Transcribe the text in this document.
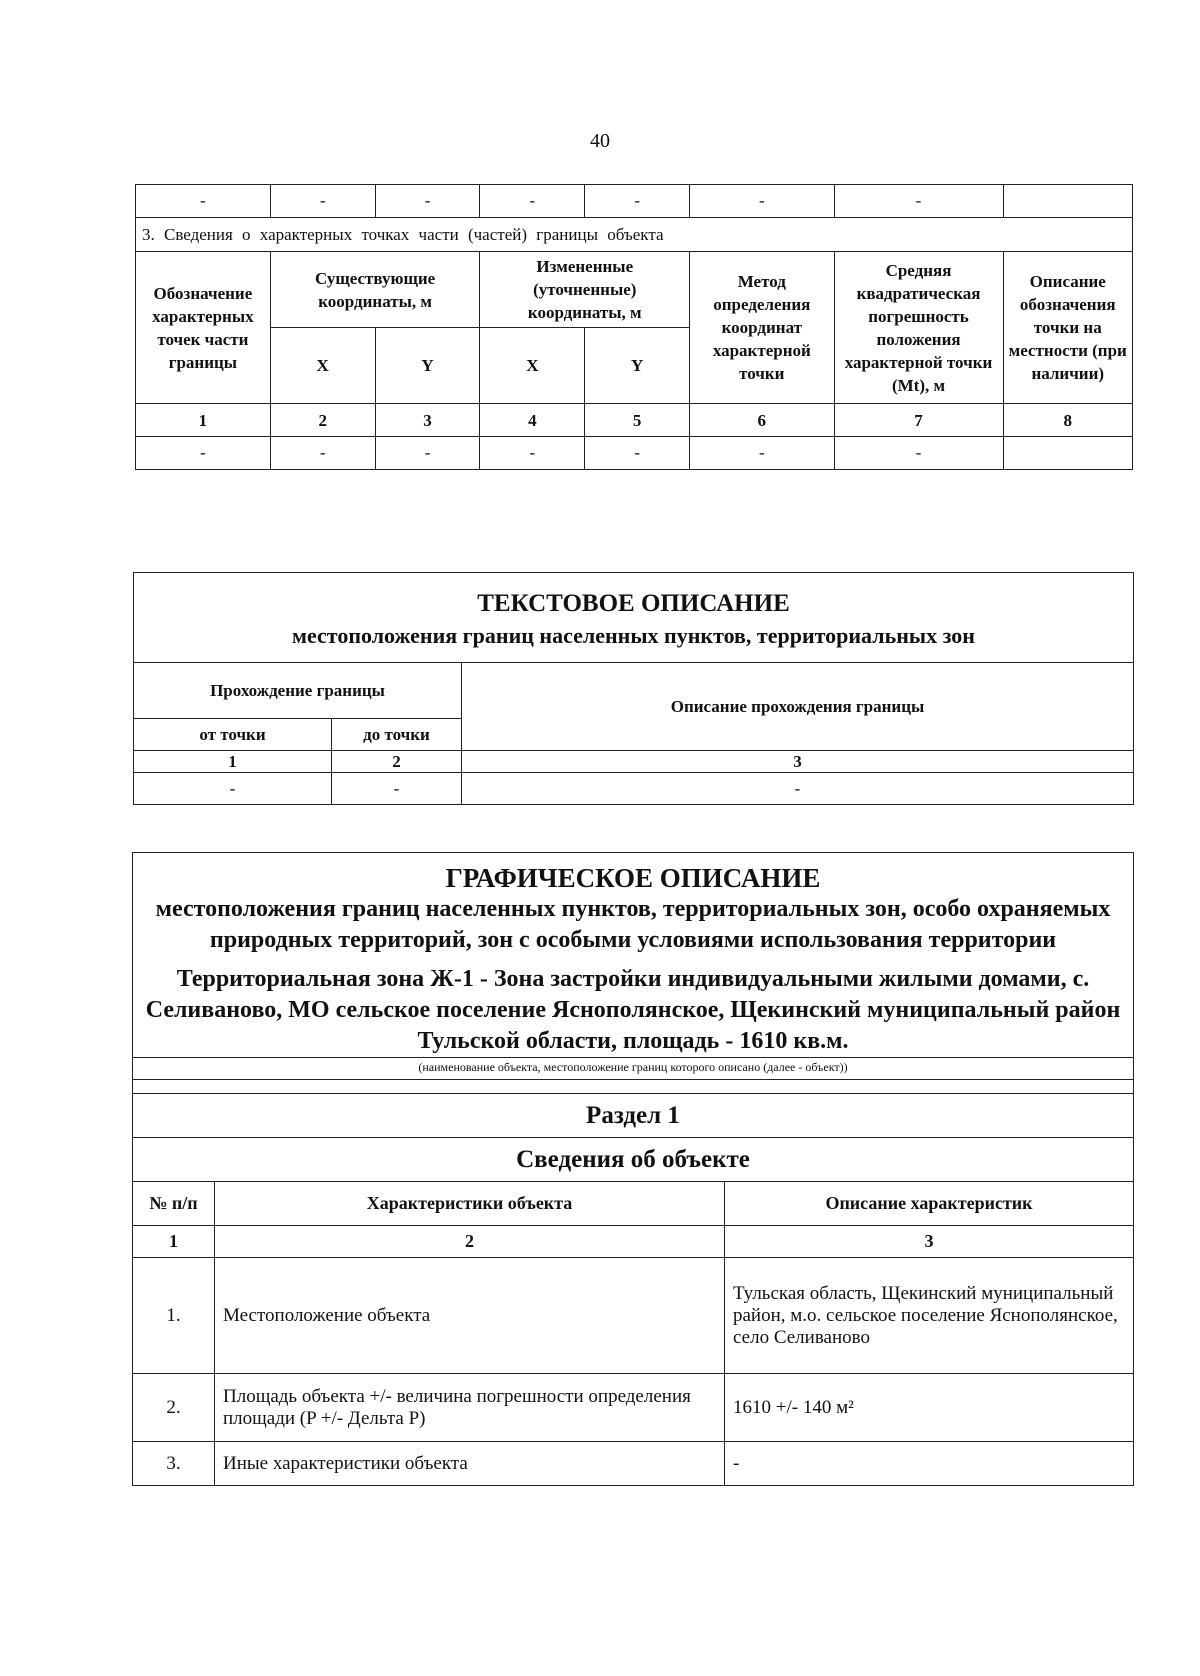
40
-	-	-	-	-	-	-	
3. Сведения о характерных точках части (частей) границы объекта							
Обозначение характерных точек части границы	Существующие координаты, м		Измененные (уточненные) координаты, м		Метод определения координат характерной точки	Средняя квадратическая погрешность положения характерной точки (Mt), м	Описание обозначения точки на местности (при наличии)
	X	Y	X	Y			
1	2	3	4	5	6	7	8
-	-	-	-	-	-	-	
ТЕКСТОВОЕ ОПИСАНИЕ
местоположения границ населенных пунктов, территориальных зон		

Прохождение границы		Описание прохождения границы
от точки	до точки	
1	2	3
-	-	-
ГРАФИЧЕСКОЕ ОПИСАНИЕ
местоположения границ населенных пунктов, территориальных зон, особо охраняемых природных территорий, зон с особыми условиями использования территории		

Территориальная зона Ж-1 - Зона застройки индивидуальными жилыми домами, с. Селиваново, МО сельское поселение Яснополянское, Щекинский муниципальный район Тульской области, площадь - 1610 кв.м.		
(наименование объекта, местоположение границ которого описано (далее - объект))		

Раздел 1		
Сведения об объекте		
№ п/п	Характеристики объекта	Описание характеристик
1	2	3
1.	Местоположение объекта	Тульская область, Щекинский муниципальный район, м.о. сельское поселение Яснополянское, село Селиваново
2.	Площадь объекта +/- величина погрешности определения площади (P +/- Дельта P)	1610 +/- 140 м²
3.	Иные характеристики объекта	-
